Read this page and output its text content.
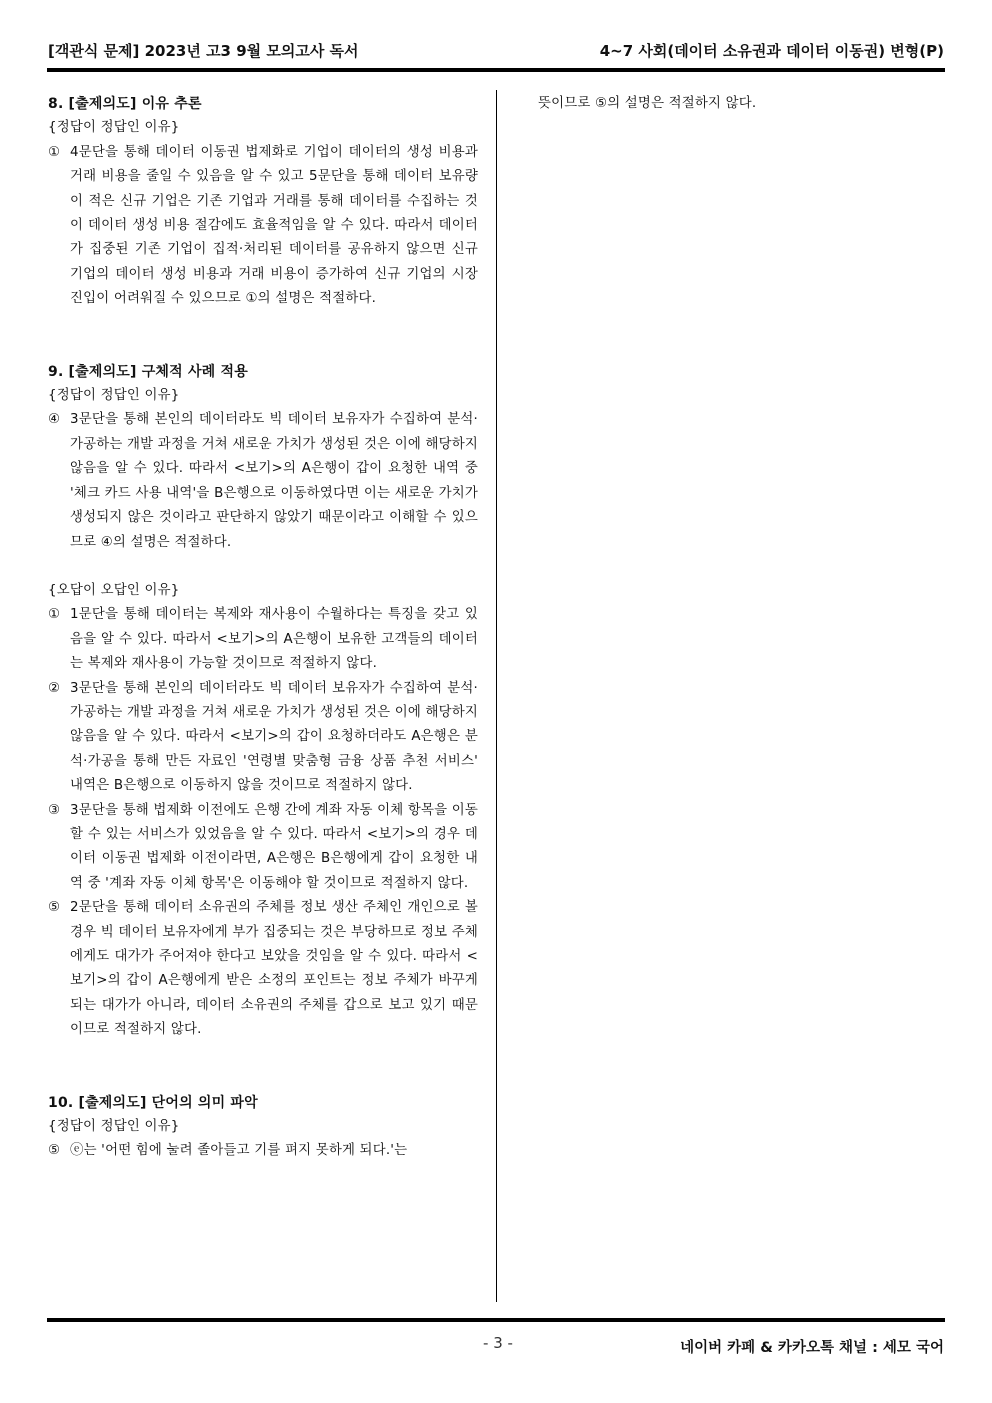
[객관식 문제] 2023년 고3 9월 모의고사 독서	4~7 사회(데이터 소유권과 데이터 이동권) 변형(P)
8. [출제의도] 이유 추론
{정답이 정답인 이유}
① 4문단을 통해 데이터 이동권 법제화로 기업이 데이터의 생성 비용과 거래 비용을 줄일 수 있음을 알 수 있고 5문단을 통해 데이터 보유량이 적은 신규 기업은 기존 기업과 거래를 통해 데이터를 수집하는 것이 데이터 생성 비용 절감에도 효율적임을 알 수 있다. 따라서 데이터가 집중된 기존 기업이 집적·처리된 데이터를 공유하지 않으면 신규 기업의 데이터 생성 비용과 거래 비용이 증가하여 신규 기업의 시장 진입이 어려워질 수 있으므로 ①의 설명은 적절하다.
9. [출제의도] 구체적 사례 적용
{정답이 정답인 이유}
④ 3문단을 통해 본인의 데이터라도 빅 데이터 보유자가 수집하여 분석·가공하는 개발 과정을 거쳐 새로운 가치가 생성된 것은 이에 해당하지 않음을 알 수 있다. 따라서 <보기>의 A은행이 갑이 요청한 내역 중 '체크 카드 사용 내역'을 B은행으로 이동하였다면 이는 새로운 가치가 생성되지 않은 것이라고 판단하지 않았기 때문이라고 이해할 수 있으므로 ④의 설명은 적절하다.
{오답이 오답인 이유}
① 1문단을 통해 데이터는 복제와 재사용이 수월하다는 특징을 갖고 있음을 알 수 있다. 따라서 <보기>의 A은행이 보유한 고객들의 데이터는 복제와 재사용이 가능할 것이므로 적절하지 않다.
② 3문단을 통해 본인의 데이터라도 빅 데이터 보유자가 수집하여 분석·가공하는 개발 과정을 거쳐 새로운 가치가 생성된 것은 이에 해당하지 않음을 알 수 있다. 따라서 <보기>의 갑이 요청하더라도 A은행은 분석·가공을 통해 만든 자료인 '연령별 맞춤형 금융 상품 추천 서비스' 내역은 B은행으로 이동하지 않을 것이므로 적절하지 않다.
③ 3문단을 통해 법제화 이전에도 은행 간에 계좌 자동 이체 항목을 이동할 수 있는 서비스가 있었음을 알 수 있다. 따라서 <보기>의 경우 데이터 이동권 법제화 이전이라면, A은행은 B은행에게 갑이 요청한 내역 중 '계좌 자동 이체 항목'은 이동해야 할 것이므로 적절하지 않다.
⑤ 2문단을 통해 데이터 소유권의 주체를 정보 생산 주체인 개인으로 볼 경우 빅 데이터 보유자에게 부가 집중되는 것은 부당하므로 정보 주체에게도 대가가 주어져야 한다고 보았을 것임을 알 수 있다. 따라서 <보기>의 갑이 A은행에게 받은 소정의 포인트는 정보 주체가 바꾸게 되는 대가가 아니라, 데이터 소유권의 주체를 갑으로 보고 있기 때문이므로 적절하지 않다.
10. [출제의도] 단어의 의미 파악
{정답이 정답인 이유}
⑤ ⓔ는 '어떤 힘에 눌려 졸아들고 기를 펴지 못하게 되다.'는
뜻이므로 ⑤의 설명은 적절하지 않다.
- 3 -	네이버 카페 & 카카오톡 채널 : 세모 국어
